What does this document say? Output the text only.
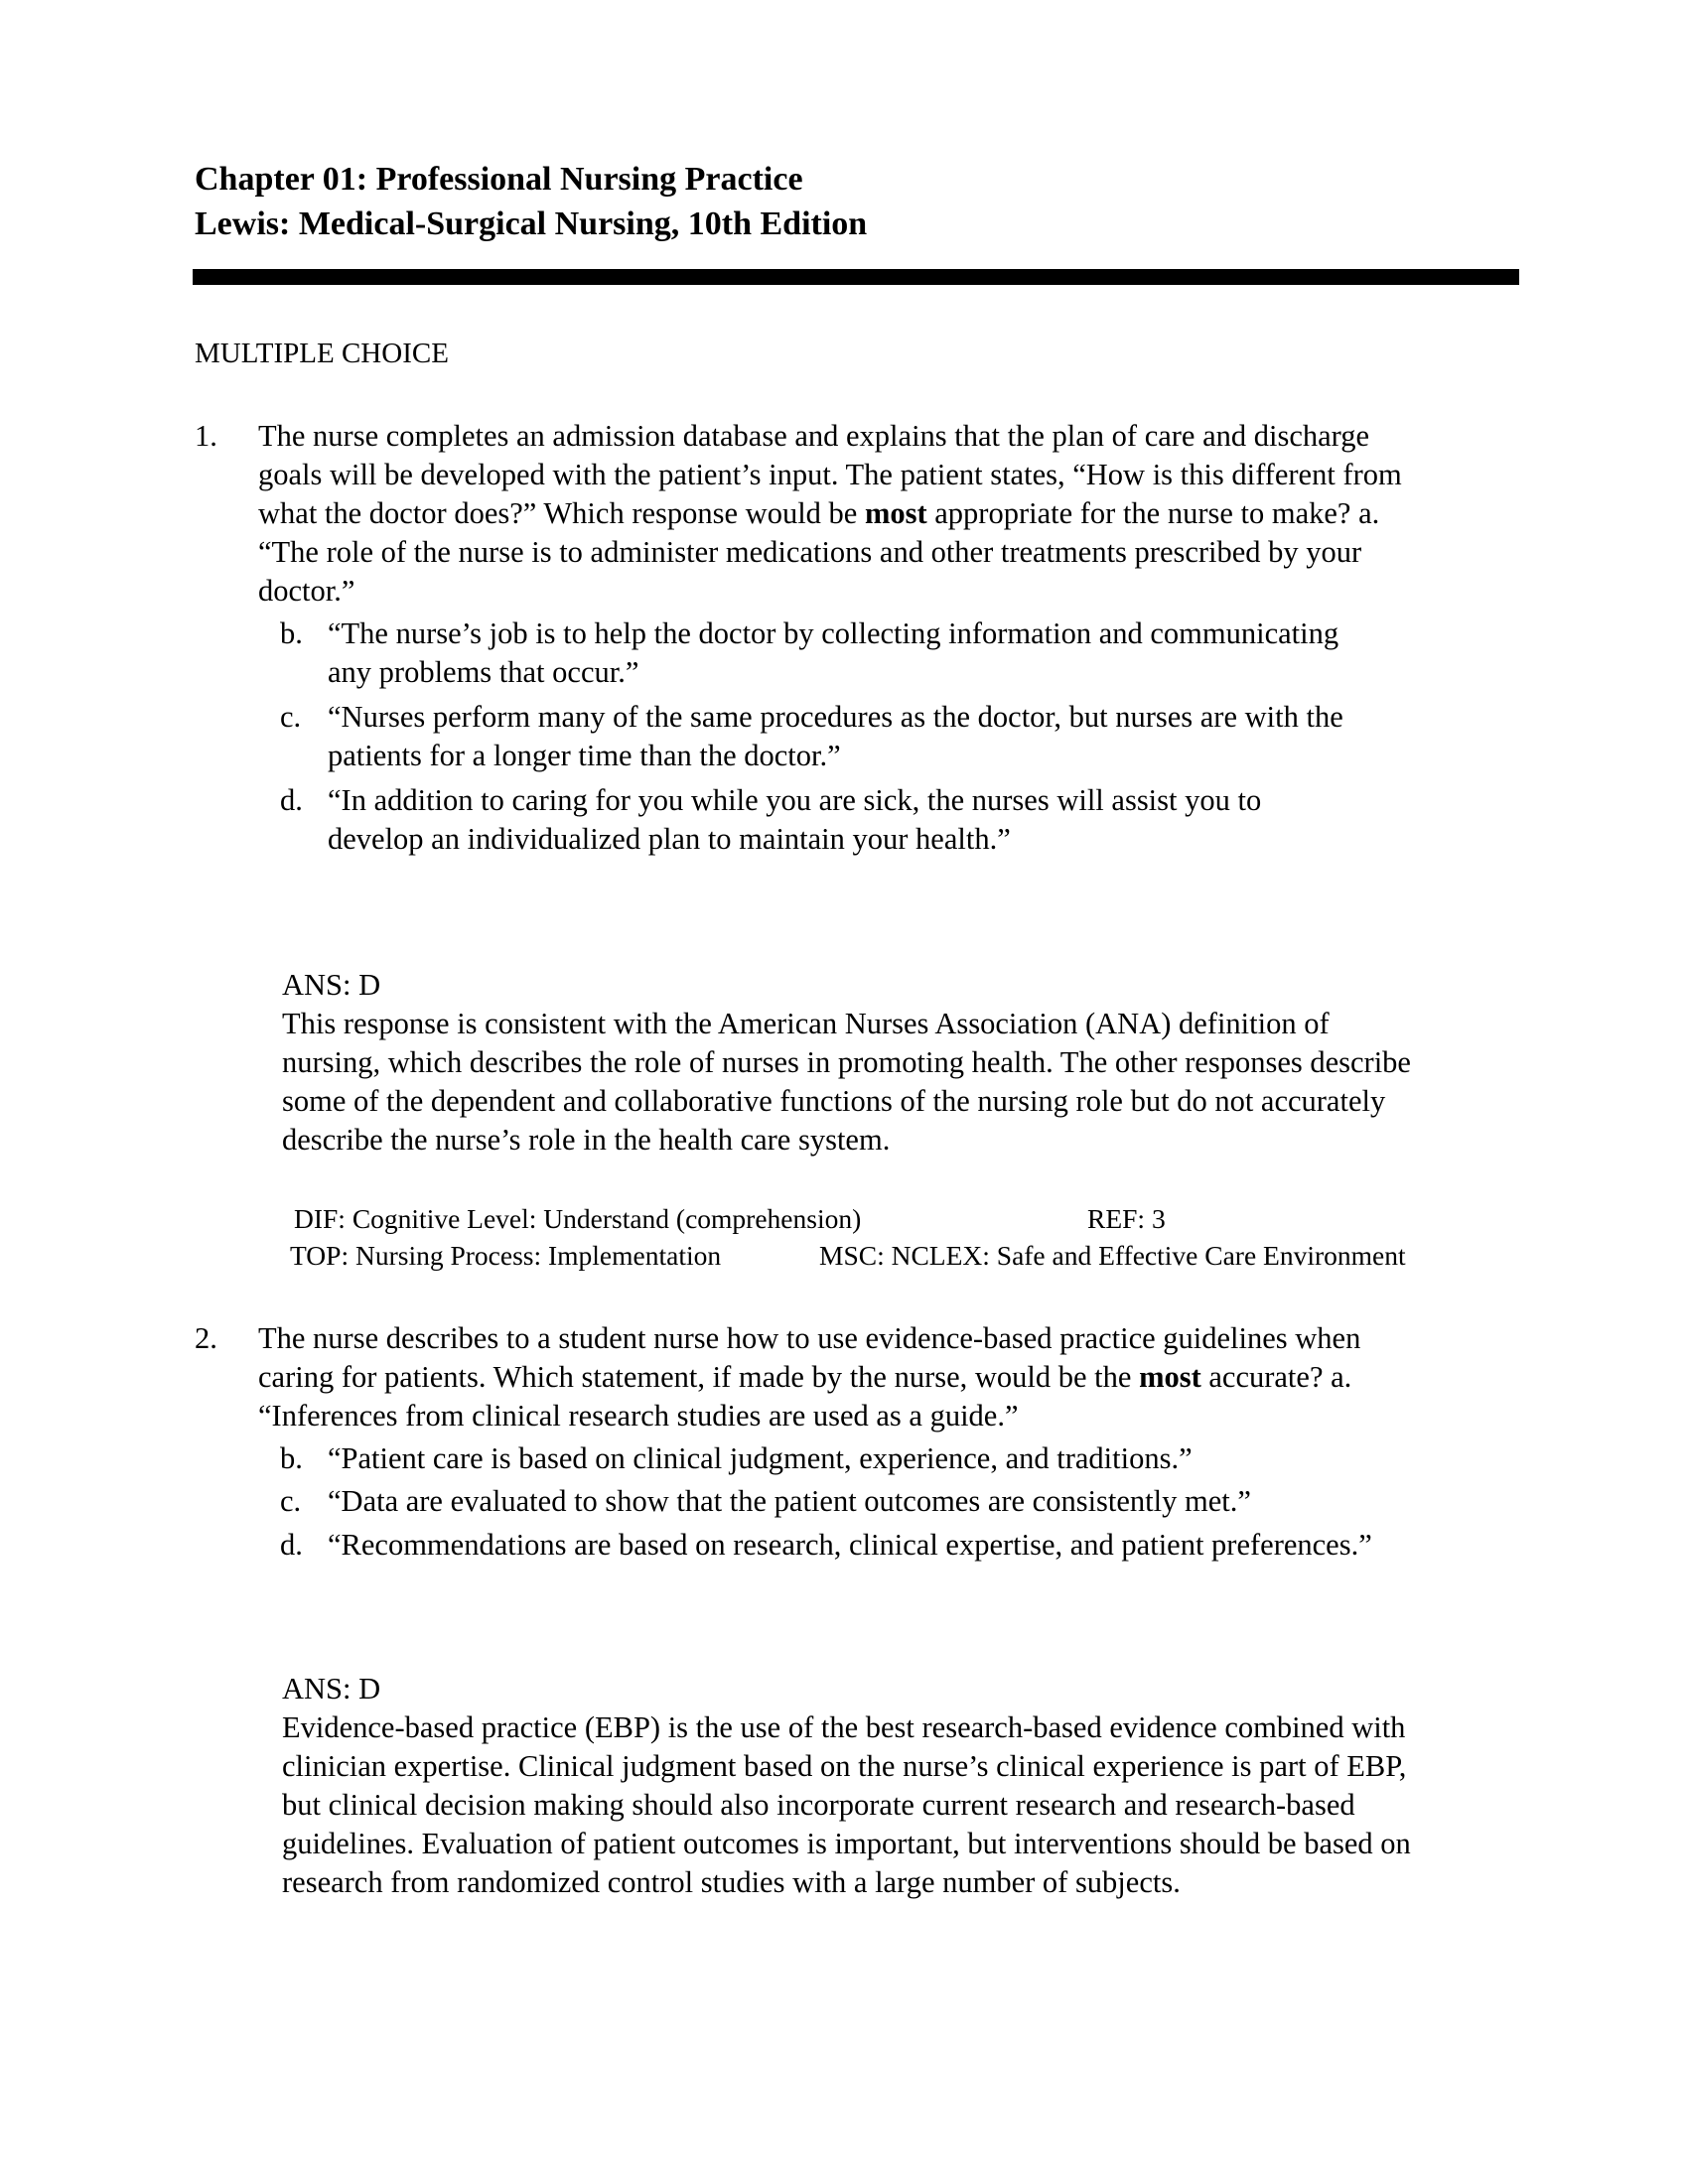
Chapter 01: Professional Nursing Practice
Lewis: Medical-Surgical Nursing, 10th Edition
MULTIPLE CHOICE
1. The nurse completes an admission database and explains that the plan of care and discharge
goals will be developed with the patient’s input. The patient states, “How is this different from
what the doctor does?” Which response would be most appropriate for the nurse to make? a.
“The role of the nurse is to administer medications and other treatments prescribed by your
doctor.”
b. “The nurse’s job is to help the doctor by collecting information and communicating
any problems that occur.”
c. “Nurses perform many of the same procedures as the doctor, but nurses are with the
patients for a longer time than the doctor.”
d. “In addition to caring for you while you are sick, the nurses will assist you to
develop an individualized plan to maintain your health.”
ANS: D
This response is consistent with the American Nurses Association (ANA) definition of
nursing, which describes the role of nurses in promoting health. The other responses describe
some of the dependent and collaborative functions of the nursing role but do not accurately
describe the nurse’s role in the health care system.
DIF: Cognitive Level: Understand (comprehension)	REF: 3
TOP: Nursing Process: Implementation	MSC: NCLEX: Safe and Effective Care Environment
2. The nurse describes to a student nurse how to use evidence-based practice guidelines when
caring for patients. Which statement, if made by the nurse, would be the most accurate? a.
“Inferences from clinical research studies are used as a guide.”
b. “Patient care is based on clinical judgment, experience, and traditions.”
c. “Data are evaluated to show that the patient outcomes are consistently met.”
d. “Recommendations are based on research, clinical expertise, and patient preferences.”
ANS: D
Evidence-based practice (EBP) is the use of the best research-based evidence combined with
clinician expertise. Clinical judgment based on the nurse’s clinical experience is part of EBP,
but clinical decision making should also incorporate current research and research-based
guidelines. Evaluation of patient outcomes is important, but interventions should be based on
research from randomized control studies with a large number of subjects.
